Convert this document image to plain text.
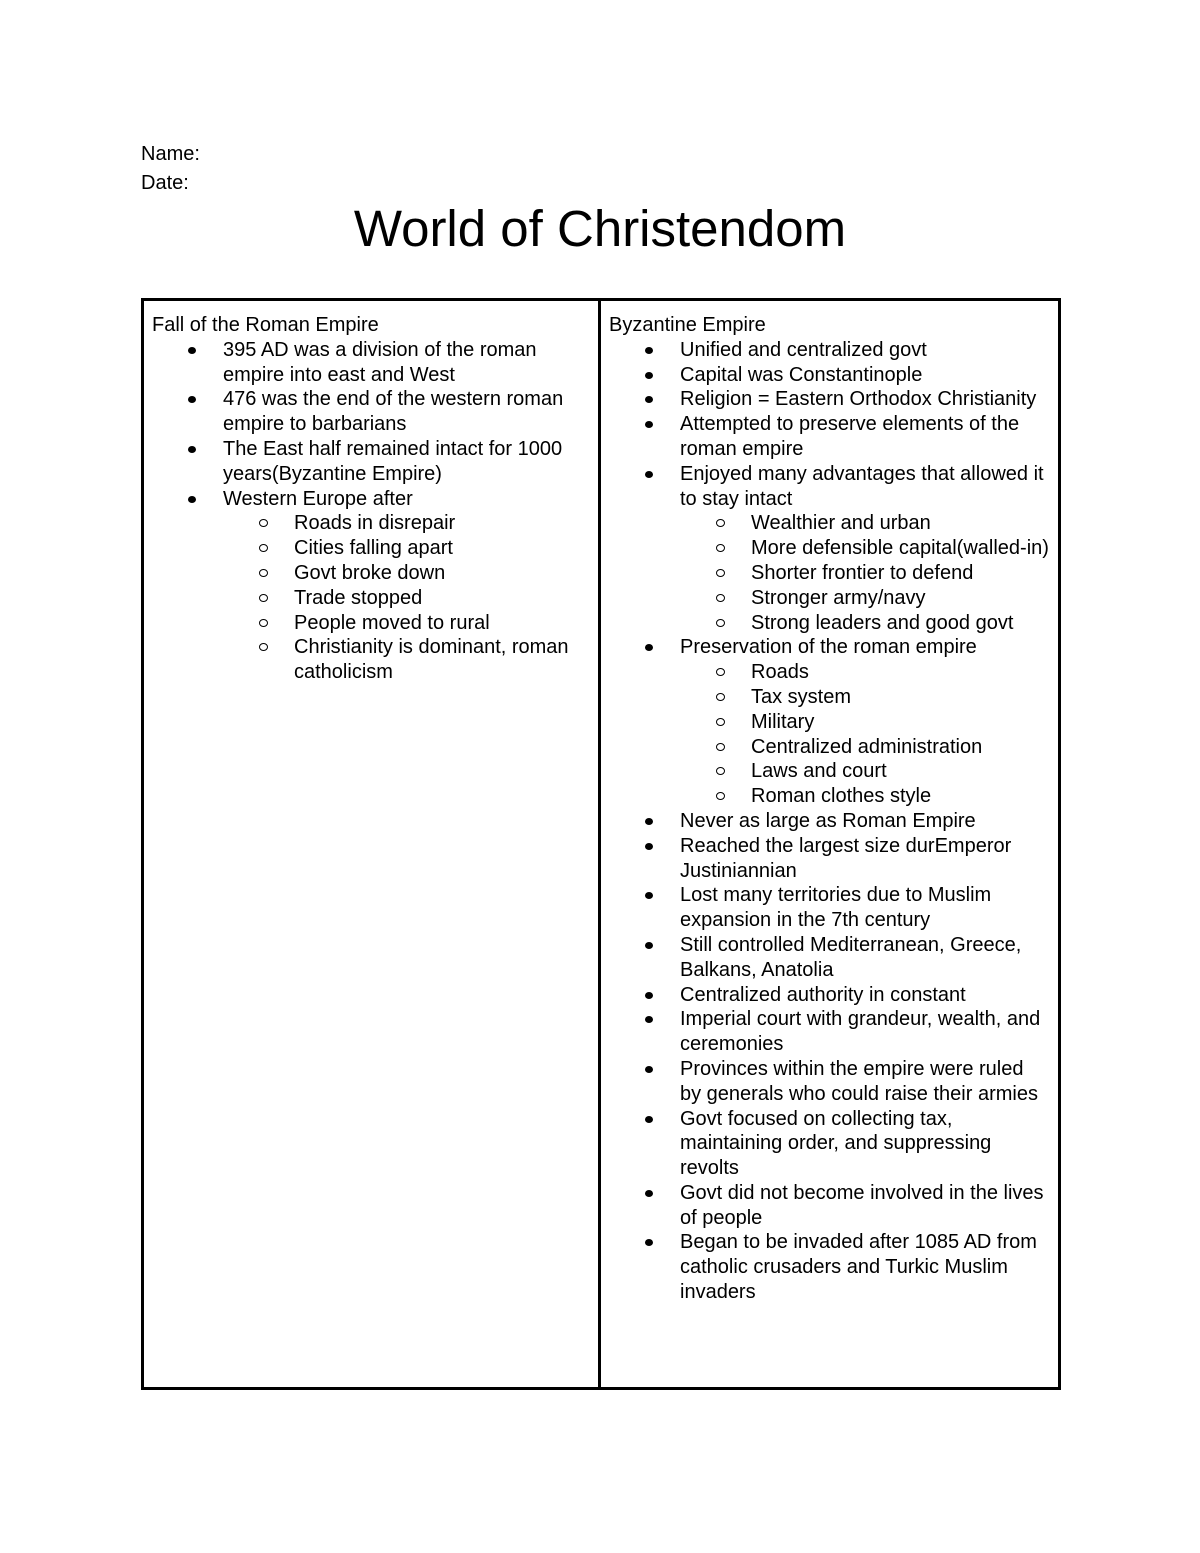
Name:
Date:
World of Christendom
Fall of the Roman Empire
395 AD was a division of the roman empire into east and West
476 was the end of the western roman empire to barbarians
The East half remained intact for 1000 years(Byzantine Empire)
Western Europe after
Roads in disrepair
Cities falling apart
Govt broke down
Trade stopped
People moved to rural
Christianity is dominant, roman catholicism
Byzantine Empire
Unified and centralized govt
Capital was Constantinople
Religion = Eastern Orthodox Christianity
Attempted to preserve elements of the roman empire
Enjoyed many advantages that allowed it to stay intact
Wealthier and urban
More defensible capital(walled-in)
Shorter frontier to defend
Stronger army/navy
Strong leaders and good govt
Preservation of the roman empire
Roads
Tax system
Military
Centralized administration
Laws and court
Roman clothes style
Never as large as Roman Empire
Reached the largest size durEmperor Justiniannian
Lost many territories due to Muslim expansion in the 7th century
Still controlled Mediterranean, Greece, Balkans, Anatolia
Centralized authority in constant
Imperial court with grandeur, wealth, and ceremonies
Provinces within the empire were ruled by generals who could raise their armies
Govt focused on collecting tax, maintaining order, and suppressing revolts
Govt did not become involved in the lives of people
Began to be invaded after 1085 AD from catholic crusaders and Turkic Muslim invaders
